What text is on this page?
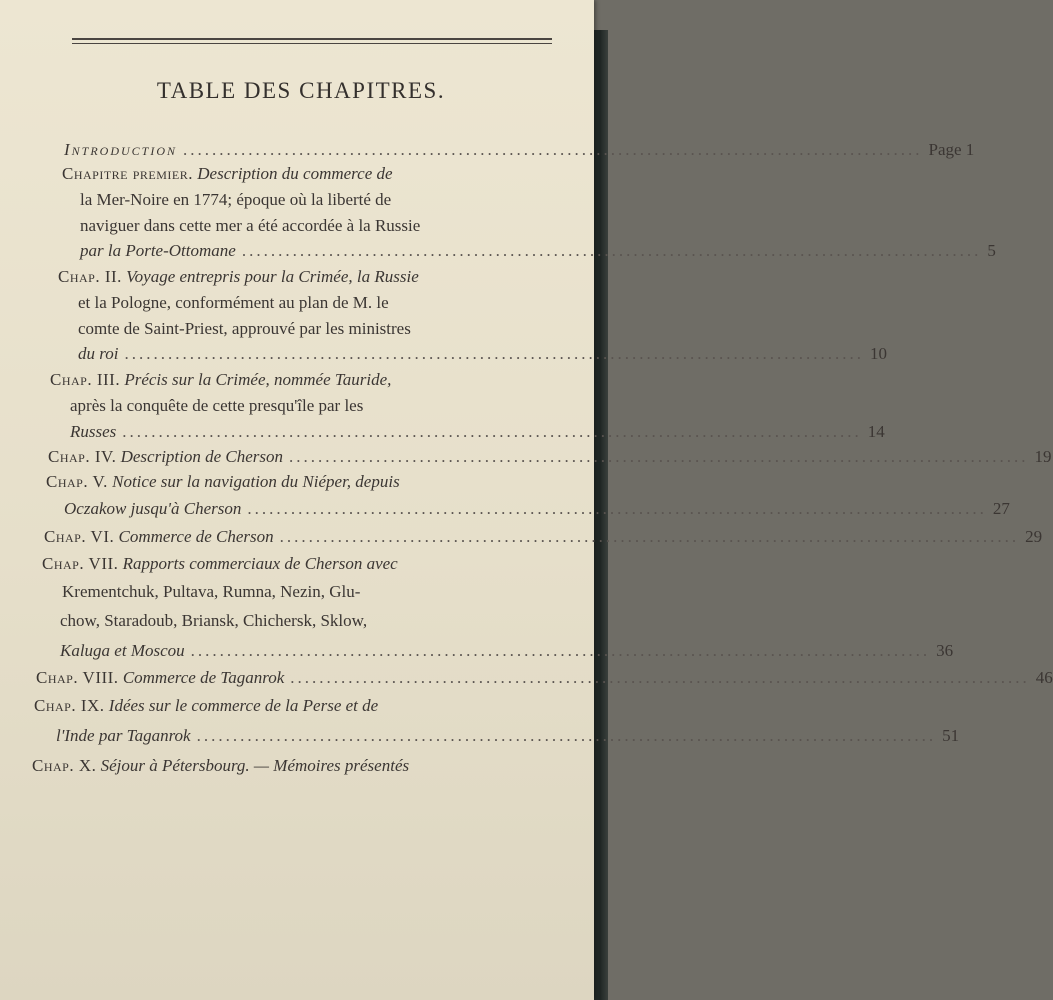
TABLE DES CHAPITRES.
Introduction ...................................................................................................... Page 1
Chapitre premier.
Description du commerce de
la Mer-Noire en 1774; époque où la liberté de
naviguer dans cette mer a été accordée à la Russie
par la Porte-Ottomane ...................................................................................................... 5
Chap. II.
Voyage entrepris pour la Crimée, la Russie
et la Pologne, conformément au plan de M. le
comte de Saint-Priest, approuvé par les ministres
du roi ...................................................................................................... 10
Chap. III.
Précis sur la Crimée, nommée Tauride,
après la conquête de cette presqu'île par les
Russes ...................................................................................................... 14
Chap. IV.
Description de Cherson ...................................................................................................... 19
Chap. V.
Notice sur la navigation du Niéper, depuis
Oczakow jusqu'à Cherson ...................................................................................................... 27
Chap. VI.
Commerce de Cherson ...................................................................................................... 29
Chap. VII.
Rapports commerciaux de Cherson avec
Krementchuk, Pultava, Rumna, Nezin, Glu-
chow, Staradoub, Briansk, Chichersk, Sklow,
Kaluga et Moscou ...................................................................................................... 36
Chap. VIII.
Commerce de Taganrok ...................................................................................................... 46
Chap. IX.
Idées sur le commerce de la Perse et de
l'Inde par Taganrok ...................................................................................................... 51
Chap. X.
Séjour à Pétersbourg. — Mémoires présentés
